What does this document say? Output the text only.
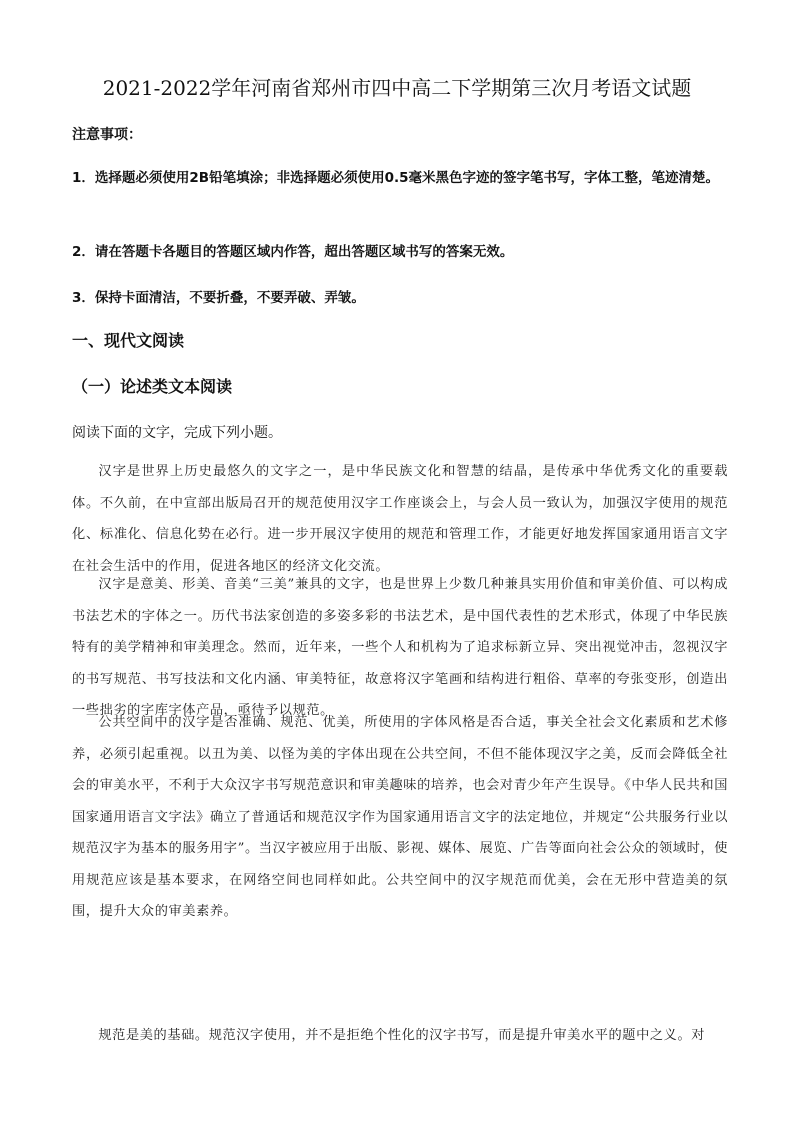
2021-2022学年河南省郑州市四中高二下学期第三次月考语文试题
注意事项：
1．选择题必须使用2B铅笔填涂；非选择题必须使用0.5毫米黑色字迹的签字笔书写，字体工整，笔迹清楚。
2．请在答题卡各题目的答题区域内作答，超出答题区域书写的答案无效。
3．保持卡面清洁，不要折叠，不要弄破、弄皱。
一、现代文阅读
（一）论述类文本阅读
阅读下面的文字，完成下列小题。

汉字是世界上历史最悠久的文字之一，是中华民族文化和智慧的结晶，是传承中华优秀文化的重要载体。不久前，在中宣部出版局召开的规范使用汉字工作座谈会上，与会人员一致认为，加强汉字使用的规范化、标准化、信息化势在必行。进一步开展汉字使用的规范和管理工作，才能更好地发挥国家通用语言文字在社会生活中的作用，促进各地区的经济文化交流。

汉字是意美、形美、音美“三美”兼具的文字，也是世界上少数几种兼具实用价值和审美价值、可以构成书法艺术的字体之一。历代书法家创造的多姿多彩的书法艺术，是中国代表性的艺术形式，体现了中华民族特有的美学精神和审美理念。然而，近年来，一些个人和机构为了追求标新立异、突出视觉冲击，忽视汉字的书写规范、书写技法和文化内涵、审美特征，故意将汉字笔画和结构进行粗俗、草率的夸张变形，创造出一些拙劣的字库字体产品，亟待予以规范。

公共空间中的汉字是否准确、规范、优美，所使用的字体风格是否合适，事关全社会文化素质和艺术修养，必须引起重视。以丑为美、以怪为美的字体出现在公共空间，不但不能体现汉字之美，反而会降低全社会的审美水平，不利于大众汉字书写规范意识和审美趣味的培养，也会对青少年产生误导。《中华人民共和国国家通用语言文字法》确立了普通话和规范汉字作为国家通用语言文字的法定地位，并规定“公共服务行业以规范汉字为基本的服务用字”。当汉字被应用于出版、影视、媒体、展览、广告等面向社会公众的领域时，使用规范应该是基本要求，在网络空间也同样如此。公共空间中的汉字规范而优美，会在无形中营造美的氛围，提升大众的审美素养。

规范是美的基础。规范汉字使用，并不是拒绝个性化的汉字书写，而是提升审美水平的题中之义。对
